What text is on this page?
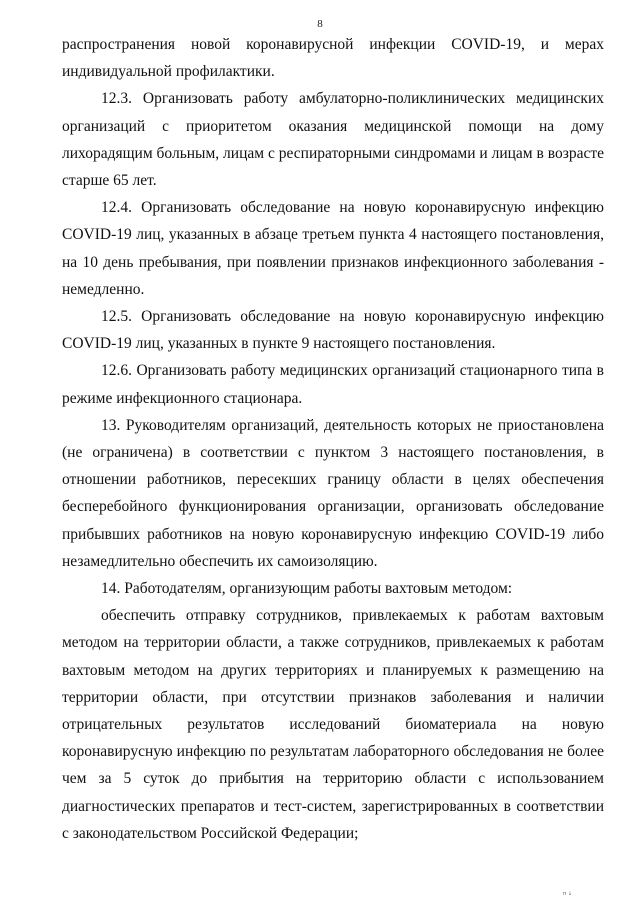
8

распространения новой коронавирусной инфекции COVID-19, и мерах индивидуальной профилактики.

12.3. Организовать работу амбулаторно-поликлинических медицинских организаций с приоритетом оказания медицинской помощи на дому лихорадящим больным, лицам с респираторными синдромами и лицам в возрасте старше 65 лет.

12.4. Организовать обследование на новую коронавирусную инфекцию COVID-19 лиц, указанных в абзаце третьем пункта 4 настоящего постановления, на 10 день пребывания, при появлении признаков инфекционного заболевания - немедленно.

12.5. Организовать обследование на новую коронавирусную инфекцию COVID-19 лиц, указанных в пункте 9 настоящего постановления.

12.6. Организовать работу медицинских организаций стационарного типа в режиме инфекционного стационара.

13. Руководителям организаций, деятельность которых не приостановлена (не ограничена) в соответствии с пунктом 3 настоящего постановления, в отношении работников, пересекших границу области в целях обеспечения бесперебойного функционирования организации, организовать обследование прибывших работников на новую коронавирусную инфекцию COVID-19 либо незамедлительно обеспечить их самоизоляцию.

14. Работодателям, организующим работы вахтовым методом:

обеспечить отправку сотрудников, привлекаемых к работам вахтовым методом на территории области, а также сотрудников, привлекаемых к работам вахтовым методом на других территориях и планируемых к размещению на территории области, при отсутствии признаков заболевания и наличии отрицательных результатов исследований биоматериала на новую коронавирусную инфекцию по результатам лабораторного обследования не более чем за 5 суток до прибытия на территорию области с использованием диагностических препаратов и тест-систем, зарегистрированных в соответствии с законодательством Российской Федерации;

п ↓
